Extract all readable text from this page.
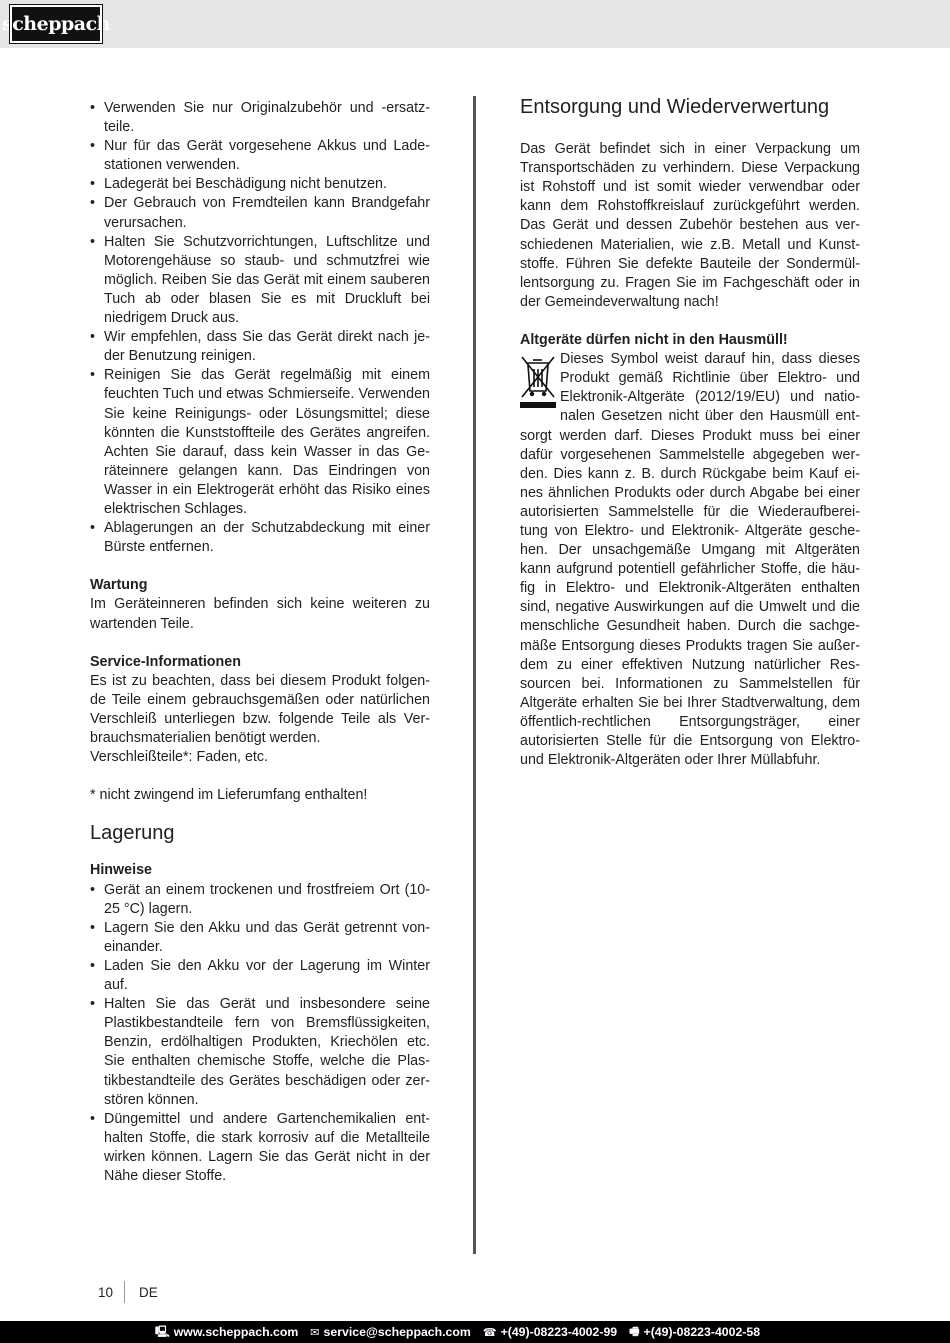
scheppach
• Verwenden Sie nur Originalzubehör und -ersatzteile.
• Nur für das Gerät vorgesehene Akkus und Ladestationen verwenden.
• Ladegerät bei Beschädigung nicht benutzen.
• Der Gebrauch von Fremdteilen kann Brandgefahr verursachen.
• Halten Sie Schutzvorrichtungen, Luftschlitze und Motorengehäuse so staub- und schmutzfrei wie möglich. Reiben Sie das Gerät mit einem sauberen Tuch ab oder blasen Sie es mit Druckluft bei niedrigem Druck aus.
• Wir empfehlen, dass Sie das Gerät direkt nach jeder Benutzung reinigen.
• Reinigen Sie das Gerät regelmäßig mit einem feuchten Tuch und etwas Schmierseife. Verwenden Sie keine Reinigungs- oder Lösungsmittel; diese könnten die Kunststoffteile des Gerätes angreifen. Achten Sie darauf, dass kein Wasser in das Geräteinnere gelangen kann. Das Eindringen von Wasser in ein Elektrogerät erhöht das Risiko eines elektrischen Schlages.
• Ablagerungen an der Schutzabdeckung mit einer Bürste entfernen.
Wartung

Im Geräteinneren befinden sich keine weiteren zu wartenden Teile.

Service-Informationen

Es ist zu beachten, dass bei diesem Produkt folgende Teile einem gebrauchsgemäßen oder natürlichen Verschleiß unterliegen bzw. folgende Teile als Verbrauchsmaterialien benötigt werden.

Verschleißteile*: Faden, etc.

* nicht zwingend im Lieferumfang enthalten!

Lagerung
Hinweise
• Gerät an einem trockenen und frostfreiem Ort (10-25 °C) lagern.
• Lagern Sie den Akku und das Gerät getrennt voneinander.
• Laden Sie den Akku vor der Lagerung im Winter auf.
• Halten Sie das Gerät und insbesondere seine Plastikbestandteile fern von Bremsflüssigkeiten, Benzin, erdölhaltigen Produkten, Kriechölen etc. Sie enthalten chemische Stoffe, welche die Plastikbestandteile des Gerätes beschädigen oder zerstören können.
• Düngemittel und andere Gartenchemikalien enthalten Stoffe, die stark korrosiv auf die Metallteile wirken können. Lagern Sie das Gerät nicht in der Nähe dieser Stoffe.
Entsorgung und Wiederverwertung

Das Gerät befindet sich in einer Verpackung um Transportschäden zu verhindern. Diese Verpackung ist Rohstoff und ist somit wieder verwendbar oder kann dem Rohstoffkreislauf zurückgeführt werden. Das Gerät und dessen Zubehör bestehen aus verschiedenen Materialien, wie z.B. Metall und Kunststoffe. Führen Sie defekte Bauteile der Sondermüllentsorgung zu. Fragen Sie im Fachgeschäft oder in der Gemeindeverwaltung nach!

Altgeräte dürfen nicht in den Hausmüll!

Dieses Symbol weist darauf hin, dass dieses Produkt gemäß Richtlinie über Elektro- und Elektronik-Altgeräte (2012/19/EU) und nationalen Gesetzen nicht über den Hausmüll entsorgt werden darf. Dieses Produkt muss bei einer dafür vorgesehenen Sammelstelle abgegeben werden. Dies kann z. B. durch Rückgabe beim Kauf eines ähnlichen Produkts oder durch Abgabe bei einer autorisierten Sammelstelle für die Wiederaufbereitung von Elektro- und Elektronik- Altgeräte geschehen. Der unsachgemäße Umgang mit Altgeräten kann aufgrund potentiell gefährlicher Stoffe, die häufig in Elektro- und Elektronik-Altgeräten enthalten sind, negative Auswirkungen auf die Umwelt und die menschliche Gesundheit haben. Durch die sachgemäße Entsorgung dieses Produkts tragen Sie außerdem zu einer effektiven Nutzung natürlicher Ressourcen bei. Informationen zu Sammelstellen für Altgeräte erhalten Sie bei Ihrer Stadtverwaltung, dem öffentlich-rechtlichen Entsorgungsträger, einer autorisierten Stelle für die Entsorgung von Elektro- und Elektronik-Altgeräten oder Ihrer Müllabfuhr.

10	DE
🖳 www.scheppach.com ✉ service@scheppach.com ☎ +(49)-08223-4002-99 🖷 +(49)-08223-4002-58
